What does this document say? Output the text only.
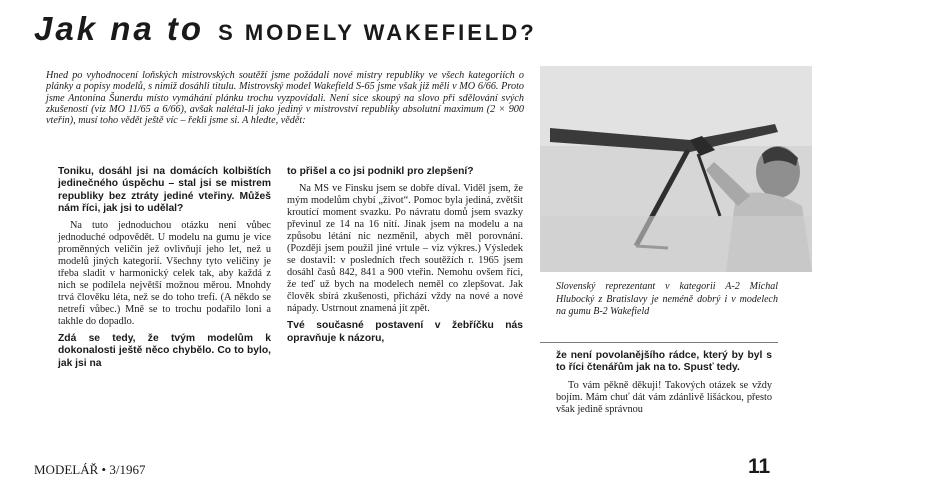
Jak na to S MODELY WAKEFIELD?

Hned po vyhodnocení loňských mistrovských soutěží jsme požádali nové mistry republiky ve všech kategoriích o plánky a popisy modelů, s nimiž dosáhli titulu. Mistrovský model Wakefield S-65 jsme však již měli v MO 6/66. Proto jsme Antonína Šunerdu místo vymáhání plánku trochu vyzpovídali. Není sice skoupý na slovo při sdělování svých zkušeností (viz MO 11/65 a 6/66), avšak nalétal-li jako jediný v mistrovství republiky absolutní maximum (2 × 900 vteřin), musí toho vědět ještě víc – řekli jsme si. A hledte, vědět:

Toniku, dosáhl jsi na domácích kolbištích jedinečného úspěchu – stal jsi se mistrem republiky bez ztráty jediné vteřiny. Můžeš nám říci, jak jsi to udělal?

Na tuto jednoduchou otázku není vůbec jednoduché odpovědět. U modelu na gumu je více proměnných veličin jež ovlivňují jeho let, než u modelů jiných kategorií. Všechny tyto veličiny je třeba sladit v harmonický celek tak, aby každá z nich se podílela největší možnou měrou. Mnohdy trvá člověku léta, než se do toho trefí. (A někdo se netrefí vůbec.) Mně se to trochu podařilo loni a takhle do dopadlo.

Zdá se tedy, že tvým modelům k dokonalosti ještě něco chybělo. Co to bylo, jak jsi na

to přišel a co jsi podnikl pro zlepšení?

Na MS ve Finsku jsem se dobře díval. Viděl jsem, že mým modelům chybí „život“. Pomoc byla jediná, zvětšit kroutící moment svazku. Po návratu domů jsem svazky převinul ze 14 na 16 nití. Jinak jsem na modelu a na způsobu létání nic nezměnil, abych měl porovnání. (Později jsem použil jiné vrtule – viz výkres.) Výsledek se dostavil: v posledních třech soutěžích r. 1965 jsem dosáhl časů 842, 841 a 900 vteřin. Nemohu ovšem říci, že teď už bych na modelech neměl co zlepšovat. Jak člověk sbírá zkušenosti, přichází vždy na nové a nové nápady. Ustrnout znamená jít zpět.

Tvé současné postavení v žebříčku nás opravňuje k názoru,

Slovenský reprezentant v kategorii A-2 Michal Hlubocký z Bratislavy je neméně dobrý i v modelech na gumu B-2 Wakefield

že není povolanějšího rádce, který by byl s to říci čtenářům jak na to. Spusť tedy.

To vám pěkně děkuji! Takových otázek se vždy bojím. Mám chuť dát vám zdánlivě lišáckou, přesto však jedině správnou

MODELÁŘ • 3/1967	11
